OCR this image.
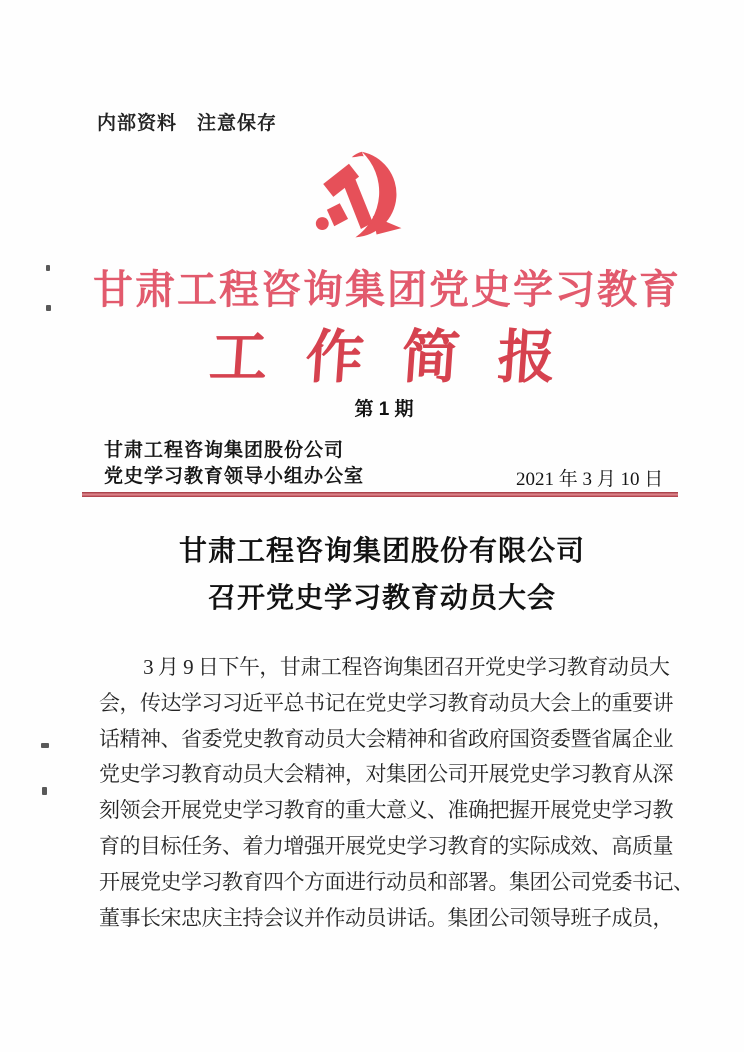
内部资料　注意保存
甘肃工程咨询集团党史学习教育
工作简报
第 1 期
甘肃工程咨询集团股份公司
党史学习教育领导小组办公室	2021 年 3 月 10 日
甘肃工程咨询集团股份有限公司
召开党史学习教育动员大会
3 月 9 日下午，甘肃工程咨询集团召开党史学习教育动员大
会，传达学习习近平总书记在党史学习教育动员大会上的重要讲
话精神、省委党史教育动员大会精神和省政府国资委暨省属企业
党史学习教育动员大会精神，对集团公司开展党史学习教育从深
刻领会开展党史学习教育的重大意义、准确把握开展党史学习教
育的目标任务、着力增强开展党史学习教育的实际成效、高质量
开展党史学习教育四个方面进行动员和部署。集团公司党委书记、
董事长宋忠庆主持会议并作动员讲话。集团公司领导班子成员，
